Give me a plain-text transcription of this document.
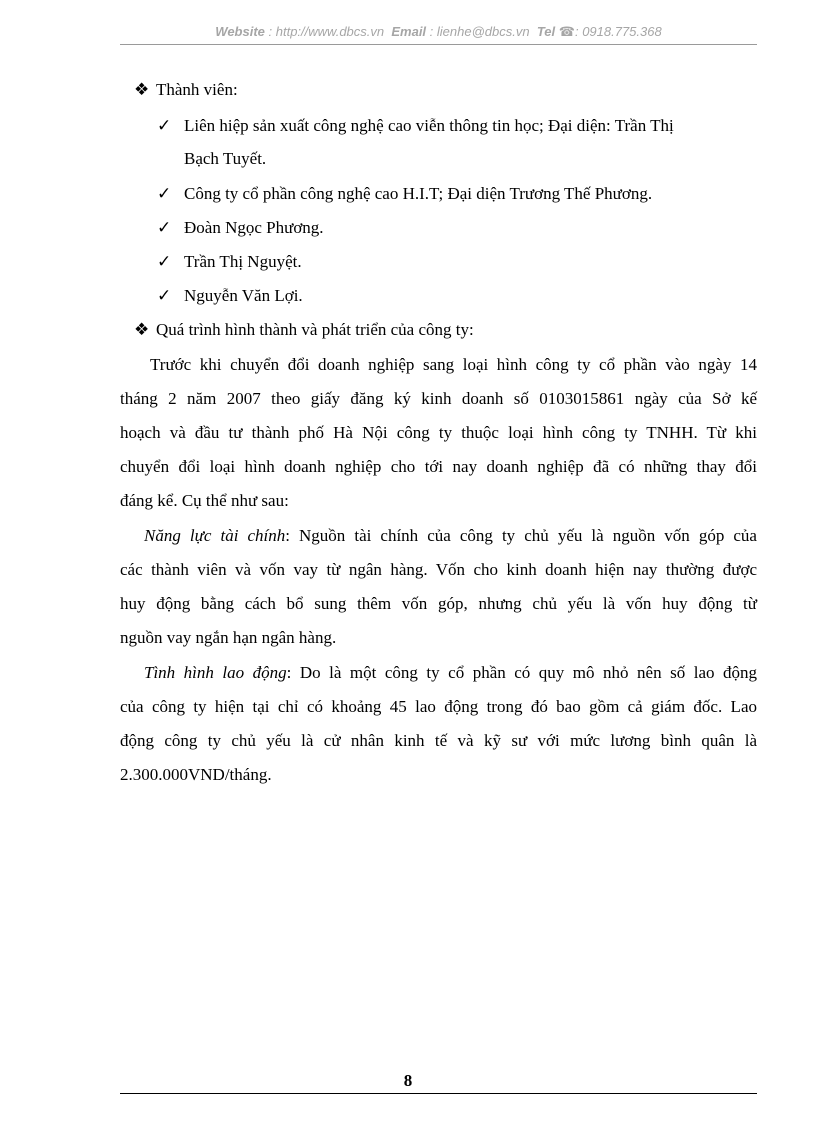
Website : http://www.dbcs.vn Email : lienhe@dbcs.vn Tel ☎: 0918.775.368
❖ Thành viên:
✓ Liên hiệp sản xuất công nghệ cao viễn thông tin học; Đại diện: Trần Thị
Bạch Tuyết.
✓ Công ty cổ phần công nghệ cao H.I.T; Đại diện Trương Thế Phương.
✓ Đoàn Ngọc Phương.
✓ Trần Thị Nguyệt.
✓ Nguyễn Văn Lợi.
❖ Quá trình hình thành và phát triển của công ty:
Trước khi chuyển đổi doanh nghiệp sang loại hình công ty cổ phần vào ngày 14
tháng 2 năm 2007 theo giấy đăng ký kinh doanh số 0103015861 ngày của Sở kế
hoạch và đầu tư thành phố Hà Nội công ty thuộc loại hình công ty TNHH. Từ khi
chuyển đổi loại hình doanh nghiệp cho tới nay doanh nghiệp đã có những thay đổi
đáng kể. Cụ thể như sau:
Năng lực tài chính: Nguồn tài chính của công ty chủ yếu là nguồn vốn góp của
các thành viên và vốn vay từ ngân hàng. Vốn cho kinh doanh hiện nay thường được
huy động bằng cách bổ sung thêm vốn góp, nhưng chủ yếu là vốn huy động từ
nguồn vay ngắn hạn ngân hàng.
Tình hình lao động: Do là một công ty cổ phần có quy mô nhỏ nên số lao động
của công ty hiện tại chỉ có khoảng 45 lao động trong đó bao gồm cả giám đốc. Lao
động công ty chủ yếu là cử nhân kinh tế và kỹ sư với mức lương bình quân là
2.300.000VND/tháng.
8
